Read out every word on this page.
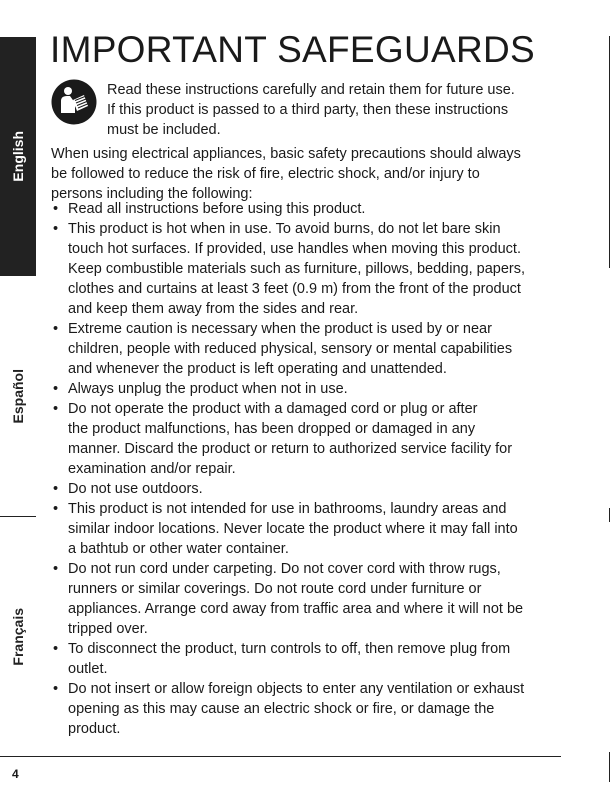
English
Español
Français
IMPORTANT SAFEGUARDS
Read these instructions carefully and retain them for future use.
If this product is passed to a third party, then these instructions
must be included.
When using electrical appliances, basic safety precautions should always
be followed to reduce the risk of fire, electric shock, and/or injury to
persons including the following:
• Read all instructions before using this product.
• This product is hot when in use. To avoid burns, do not let bare skin
touch hot surfaces. If provided, use handles when moving this product.
Keep combustible materials such as furniture, pillows, bedding, papers,
clothes and curtains at least 3 feet (0.9 m) from the front of the product
and keep them away from the sides and rear.
• Extreme caution is necessary when the product is used by or near
children, people with reduced physical, sensory or mental capabilities
and whenever the product is left operating and unattended.
• Always unplug the product when not in use.
• Do not operate the product with a damaged cord or plug or after
the product malfunctions, has been dropped or damaged in any
manner. Discard the product or return to authorized service facility for
examination and/or repair.
• Do not use outdoors.
• This product is not intended for use in bathrooms, laundry areas and
similar indoor locations. Never locate the product where it may fall into
a bathtub or other water container.
• Do not run cord under carpeting. Do not cover cord with throw rugs,
runners or similar coverings. Do not route cord under furniture or
appliances. Arrange cord away from traffic area and where it will not be
tripped over.
• To disconnect the product, turn controls to off, then remove plug from
outlet.
• Do not insert or allow foreign objects to enter any ventilation or exhaust
opening as this may cause an electric shock or fire, or damage the
product.
4
